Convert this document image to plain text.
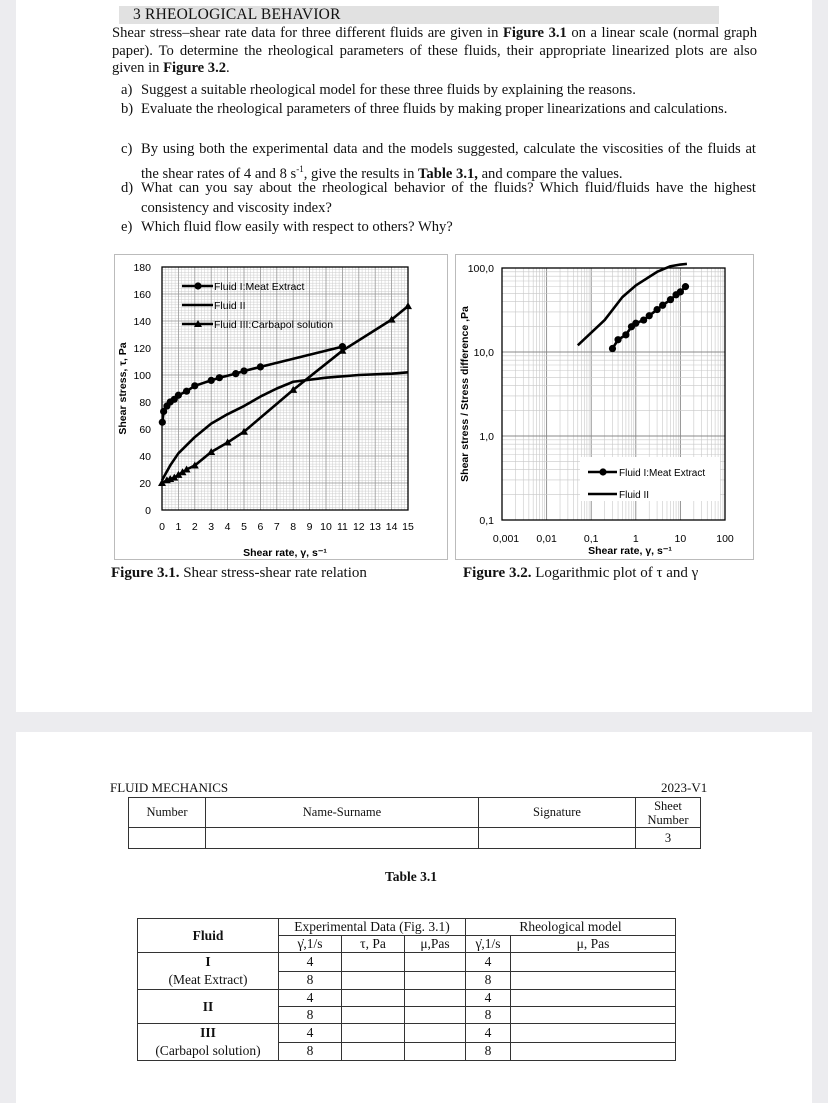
3 RHEOLOGICAL BEHAVIOR
Shear stress–shear rate data for three different fluids are given in Figure 3.1 on a linear scale (normal graph paper). To determine the rheological parameters of these fluids, their appropriate linearized plots are also given in Figure 3.2.
a) Suggest a suitable rheological model for these three fluids by explaining the reasons.
b) Evaluate the rheological parameters of three fluids by making proper linearizations and calculations.
c) By using both the experimental data and the models suggested, calculate the viscosities of the fluids at the shear rates of 4 and 8 $s^{-1}$, give the results in Table 3.1, and compare the values.
d) What can you say about the rheological behavior of the fluids? Which fluid/fluids have the highest consistency and viscosity index?
e) Which fluid flow easily with respect to others? Why?
0
20
40
60
80
100
120
140
160
180
0 1 2 3 4 5 6 7 8 9 10 11 12 13 14 15
Shear rate, γ, s⁻¹
Shear stress, τ, Pa
Fluid I:Meat Extract
Fluid II
Fluid III:Carbapol solution
0,1
1,0
10,0
100,0
0,001 0,01	0,1	1	10	100
Shear rate, γ, s⁻¹
Shear stress / Stress difference ,Pa	Fluid I:Meat Extract
Fluid II
Figure 3.1. Shear stress-shear rate relation	Figure 3.2. Logarithmic plot of τ and γ
FLUID MECHANICS	2023-V1
Number	Name-Surname	Signature	Sheet Number
			3
Table 3.1
Fluid	Experimental Data (Fig. 3.1)			Rheological model	
	γ̇,1/s	τ, Pa	μ,Pas	γ̇,1/s	μ, Pas
I
(Meat Extract)	4			4	
	8			8	
II	4			4	
	8			8	
III
(Carbapol solution)	4			4	
	8			8	
